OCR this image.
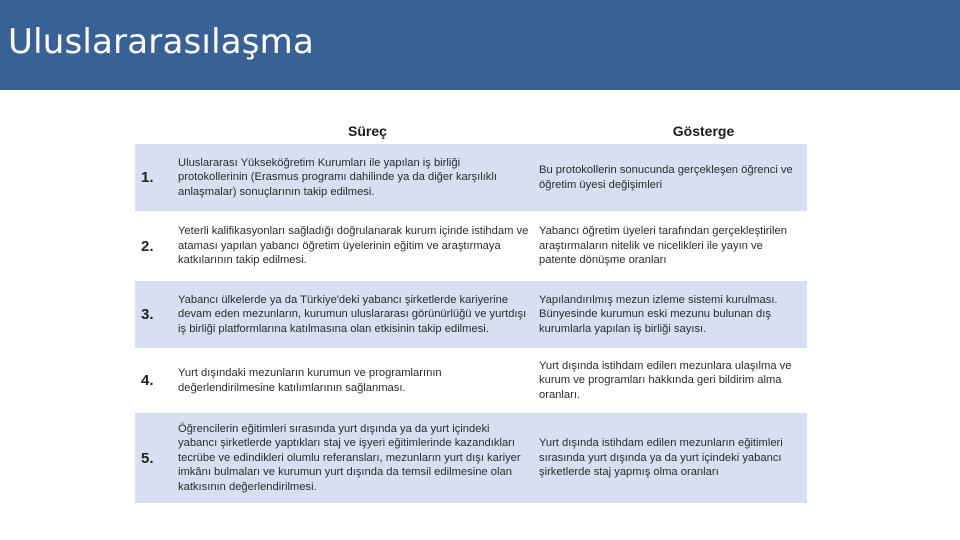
Uluslararasılaşma
Süreç	Gösterge
1.
Uluslararası Yükseköğretim Kurumları ile yapılan iş birliği protokollerinin (Erasmus programı dahilinde ya da diğer karşılıklı anlaşmalar) sonuçlarının takip edilmesi.
Bu protokollerin sonucunda gerçekleşen öğrenci ve öğretim üyesi değişimleri
2.
Yeterli kalifikasyonları sağladığı doğrulanarak kurum içinde istihdam ve ataması yapılan yabancı öğretim üyelerinin eğitim ve araştırmaya katkılarının takip edilmesi.
Yabancı öğretim üyeleri tarafından gerçekleştirilen araştırmaların nitelik ve nicelikleri ile yayın ve patente dönüşme oranları
3.
Yabancı ülkelerde ya da Türkiye'deki yabancı şirketlerde kariyerine devam eden mezunların, kurumun uluslararası görünürlüğü ve yurtdışı iş birliği platformlarına katılmasına olan etkisinin takip edilmesi.
Yapılandırılmış mezun izleme sistemi kurulması. Bünyesinde kurumun eski mezunu bulunan dış kurumlarla yapılan iş birliği sayısı.
4.	Yurt dışındaki mezunların kurumun ve programlarının değerlendirilmesine katılımlarının sağlanması.
Yurt dışında istihdam edilen mezunlara ulaşılma ve kurum ve programları hakkında geri bildirim alma oranları.
5.
Öğrencilerin eğitimleri sırasında yurt dışında ya da yurt içindeki yabancı şirketlerde yaptıkları staj ve işyeri eğitimlerinde kazandıkları tecrübe ve edindikleri olumlu referansları, mezunların yurt dışı kariyer imkânı bulmaları ve kurumun yurt dışında da temsil edilmesine olan katkısının değerlendirilmesi.
Yurt dışında istihdam edilen mezunların eğitimleri sırasında yurt dışında ya da yurt içindeki yabancı şirketlerde staj yapmış olma oranları
